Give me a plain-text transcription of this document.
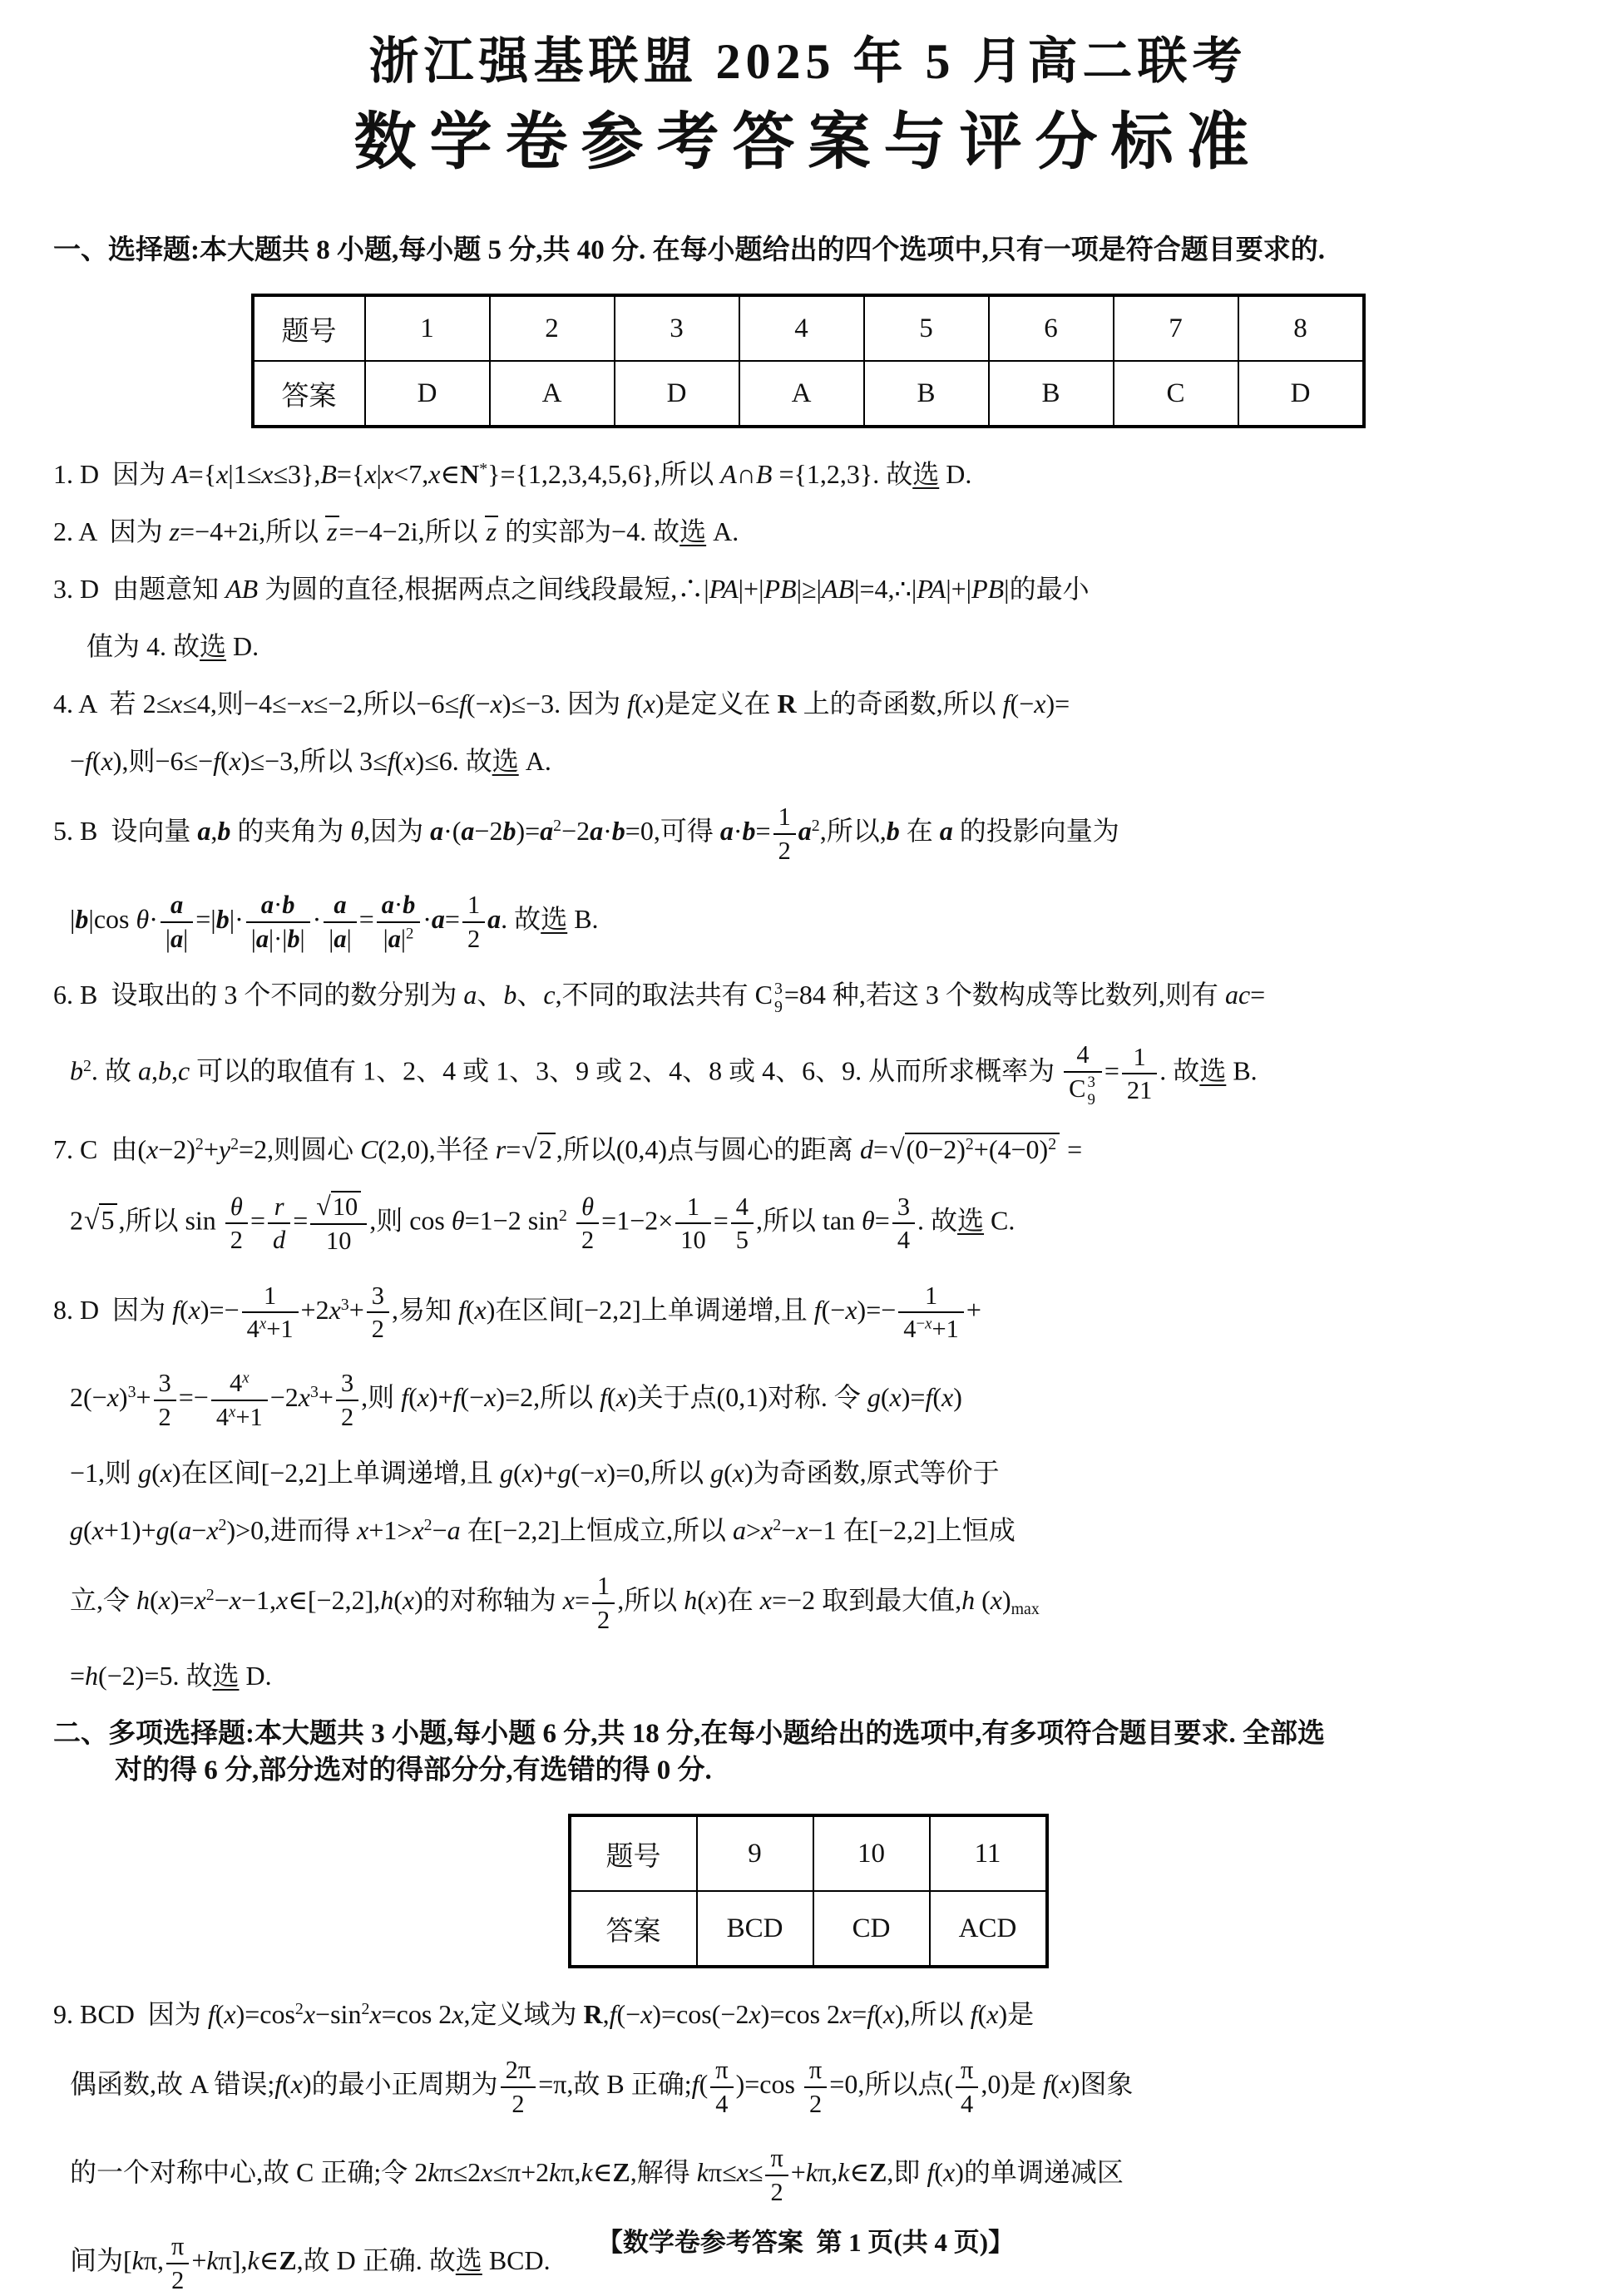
浙江强基联盟 2025 年 5 月高二联考
数学卷参考答案与评分标准
一、选择题:本大题共 8 小题,每小题 5 分,共 40 分. 在每小题给出的四个选项中,只有一项是符合题目要求的.
题号	1	2	3	4	5	6	7	8
答案	D	A	D	A	B	B	C	D
1. D  因为 A={x|1≤x≤3},B={x|x<7,x∈N*}={1,2,3,4,5,6},所以 A∩B ={1,2,3}. 故选 D.
2. A  因为 z=−4+2i,所以 z=−4−2i,所以 z 的实部为−4. 故选 A.
3. D  由题意知 AB 为圆的直径,根据两点之间线段最短,∴|PA|+|PB|≥|AB|=4,∴|PA|+|PB|的最小
值为 4. 故选 D.
4. A  若 2≤x≤4,则−4≤−x≤−2,所以−6≤f(−x)≤−3. 因为 f(x)是定义在 R 上的奇函数,所以 f(−x)=
−f(x),则−6≤−f(x)≤−3,所以 3≤f(x)≤6. 故选 A.
5. B  设向量 a,b 的夹角为 θ,因为 $a\cdot(a-2b)=a^2-2a\cdot b=0$,可得 $a\cdot b= \frac{1}{2} a^2$,所以,b 在 a 的投影向量为
|b|cos $\theta\cdot \frac{a}{|a|} =|b|\cdot \frac{a\cdot b}{|a|\cdot|b|} \cdot \frac{a}{|a|} = \frac{a\cdot b}{|a|^2} \cdot a= \frac{1}{2} a$. 故选 B.
6. B  设取出的 3 个不同的数分别为 a、b、c,不同的取法共有 C 3
9 =84 种,若这 3 个数构成等比数列,则有 ac=
$b^2$. 故 a,b,c 可以的取值有 1、2、4 或 1、3、9 或 2、4、8 或 4、6、9. 从而所求概率为 4
C 3
$9 = \frac{1}{21}$ . 故选 B.
7. C  由$(x-2)^2+y^2=2$,则圆心 C(2,0),半径 r=√2 ,所以(0,4)点与圆心的距离 $d=√(0-2)^2+(4-0)^2$ =
2√5 ,所以 $\sin \frac{\theta}{2} = \frac{r}{d} = \frac{√10}{10}$ ,则 cos θ=1−2 $\sin^2 \frac{\theta}{2} =1-2\times \frac{1}{10} = \frac{4}{5}$ ,所以 $\tan \theta= \frac{3}{4}$ . 故选 C.
8. D  因为 $f(x)=- \frac{1}{4^x+1} +2x^3+ \frac{3}{2}$ ,易知 f(x)在区间[−2,2]上单调递增,且 $f(-x)=- \frac{1}{4^{-x}+1}$ +
$2(-x)^3+ \frac{3}{2} =- \frac{4^x}{4^x+1} -2x^3+ \frac{3}{2}$ ,则 f(x)+f(−x)=2,所以 f(x)关于点(0,1)对称. 令 g(x)=f(x)
−1,则 g(x)在区间[−2,2]上单调递增,且 g(x)+g(−x)=0,所以 g(x)为奇函数,原式等价于
$g(x+1)+g(a-x^2)>0$,进而得 $x+1>x^2-a$ 在[−2,2]上恒成立,所以 $a>x^2-x-1$ 在[−2,2]上恒成
立,令 $h(x)=x^2-x-1,x\in[-2,2],h(x)$的对称轴为 $x= \frac{1}{2}$ ,所以 h(x)在 x=−2 取到最大值,h $(x)_{max}$
=h(−2)=5. 故选 D.
二、多项选择题:本大题共 3 小题,每小题 6 分,共 18 分,在每小题给出的选项中,有多项符合题目要求. 全部选
对的得 6 分,部分选对的得部分分,有选错的得 0 分.
题号	9	10	11
答案	BCD	CD	ACD
9. BCD  因为 $f(x)=\cos^2x-\sin^2x=\cos$ 2x,定义域为 R,f(−x)=cos(−2x)=cos 2x=f(x),所以 f(x)是
偶函数,故 A 错误;f(x)的最小正周期为 $\frac{2\pi}{2} =\pi$,故 B 正确;f( $\frac{\pi}{4} )=\cos \frac{\pi}{2} =0$,所以点( $\frac{\pi}{4} ,0$)是 f(x)图象
的一个对称中心,故 C 正确;令 2kπ≤2x≤π+2kπ,k∈Z,解得 $k\pi\le x\le \frac{\pi}{2}$ +kπ,k∈Z,即 f(x)的单调递减区
间为[kπ, $\frac{\pi}{2}$ +kπ],k∈Z,故 D 正确. 故选 BCD.
【数学卷参考答案  第 1 页(共 4 页)】
